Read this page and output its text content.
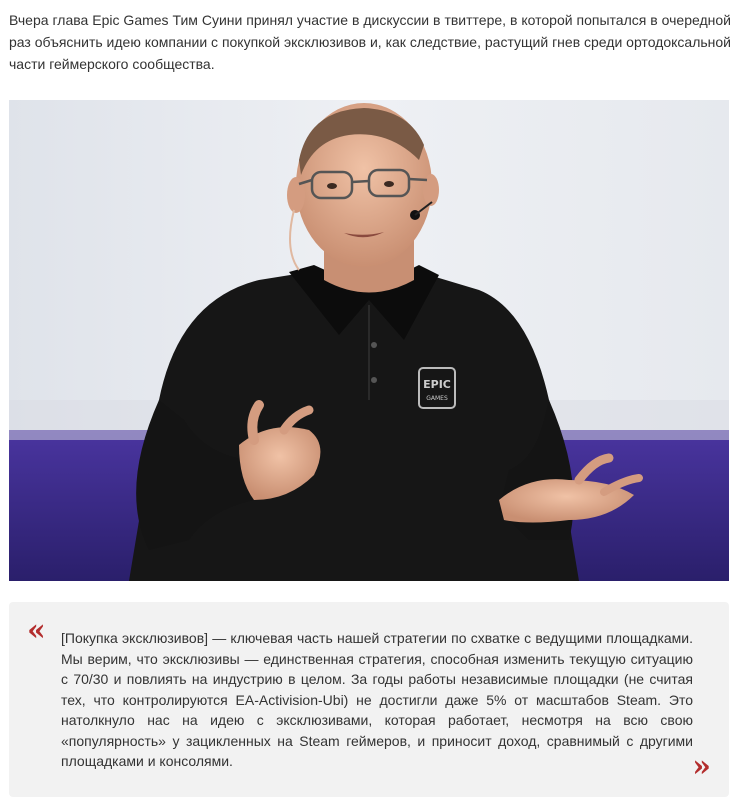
Вчера глава Epic Games Тим Суини принял участие в дискуссии в твиттере, в которой попытался в очередной раз объяснить идею компании с покупкой эксклюзивов и, как следствие, растущий гнев среди ортодоксальной части геймерского сообщества.

EPIC
GAMES
« [Покупка эксклюзивов] — ключевая часть нашей стратегии по схватке с ведущими площадками. Мы верим, что эксклюзивы — единственная стратегия, способная изменить текущую ситуацию с 70/30 и повлиять на индустрию в целом. За годы работы независимые площадки (не считая тех, что контролируются EA-Activision-Ubi) не достигли даже 5% от масштабов Steam. Это натолкнуло нас на идею с эксклюзивами, которая работает, несмотря на всю свою «популярность» у зацикленных на Steam геймеров, и приносит доход, сравнимый с другими площадками и консолями.	»
